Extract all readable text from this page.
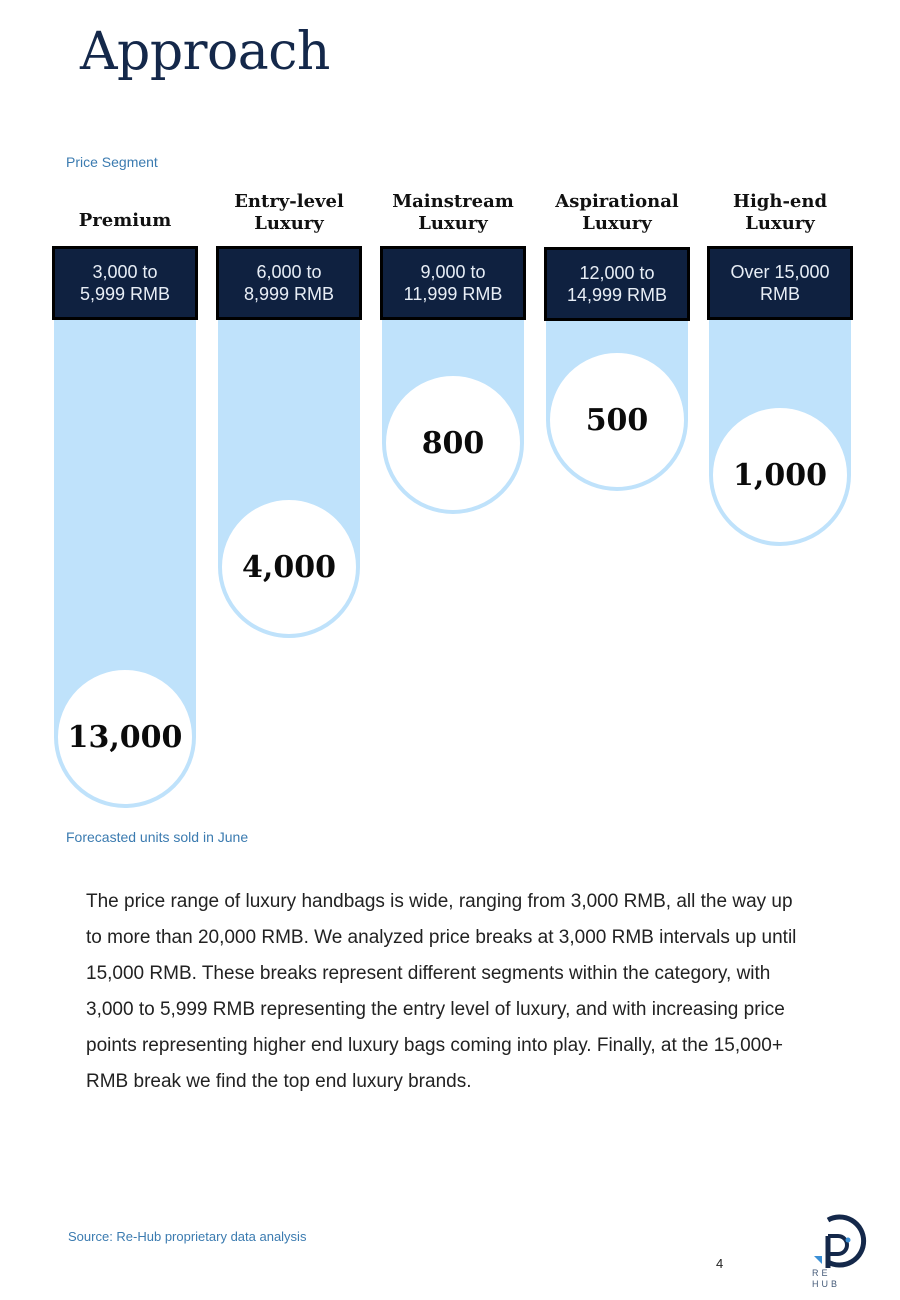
Approach
Price Segment
Premium
3,000 to
5,999 RMB
13,000
Entry-level
Luxury
6,000 to
8,999 RMB
4,000
Mainstream
Luxury
9,000 to
11,999 RMB
800
Aspirational
Luxury
12,000 to
14,999 RMB
500
High-end
Luxury
Over 15,000
RMB
1,000
Forecasted units sold in June

The price range of luxury handbags is wide, ranging from 3,000 RMB, all the way up to more than 20,000 RMB. We analyzed price breaks at 3,000 RMB intervals up until 15,000 RMB. These breaks represent different segments within the category, with 3,000 to 5,999 RMB representing the entry level of luxury, and with increasing price points representing higher end luxury bags coming into play. Finally, at the 15,000+ RMB break we find the top end luxury brands.

Source: Re-Hub proprietary data analysis
4
RE
HUB
